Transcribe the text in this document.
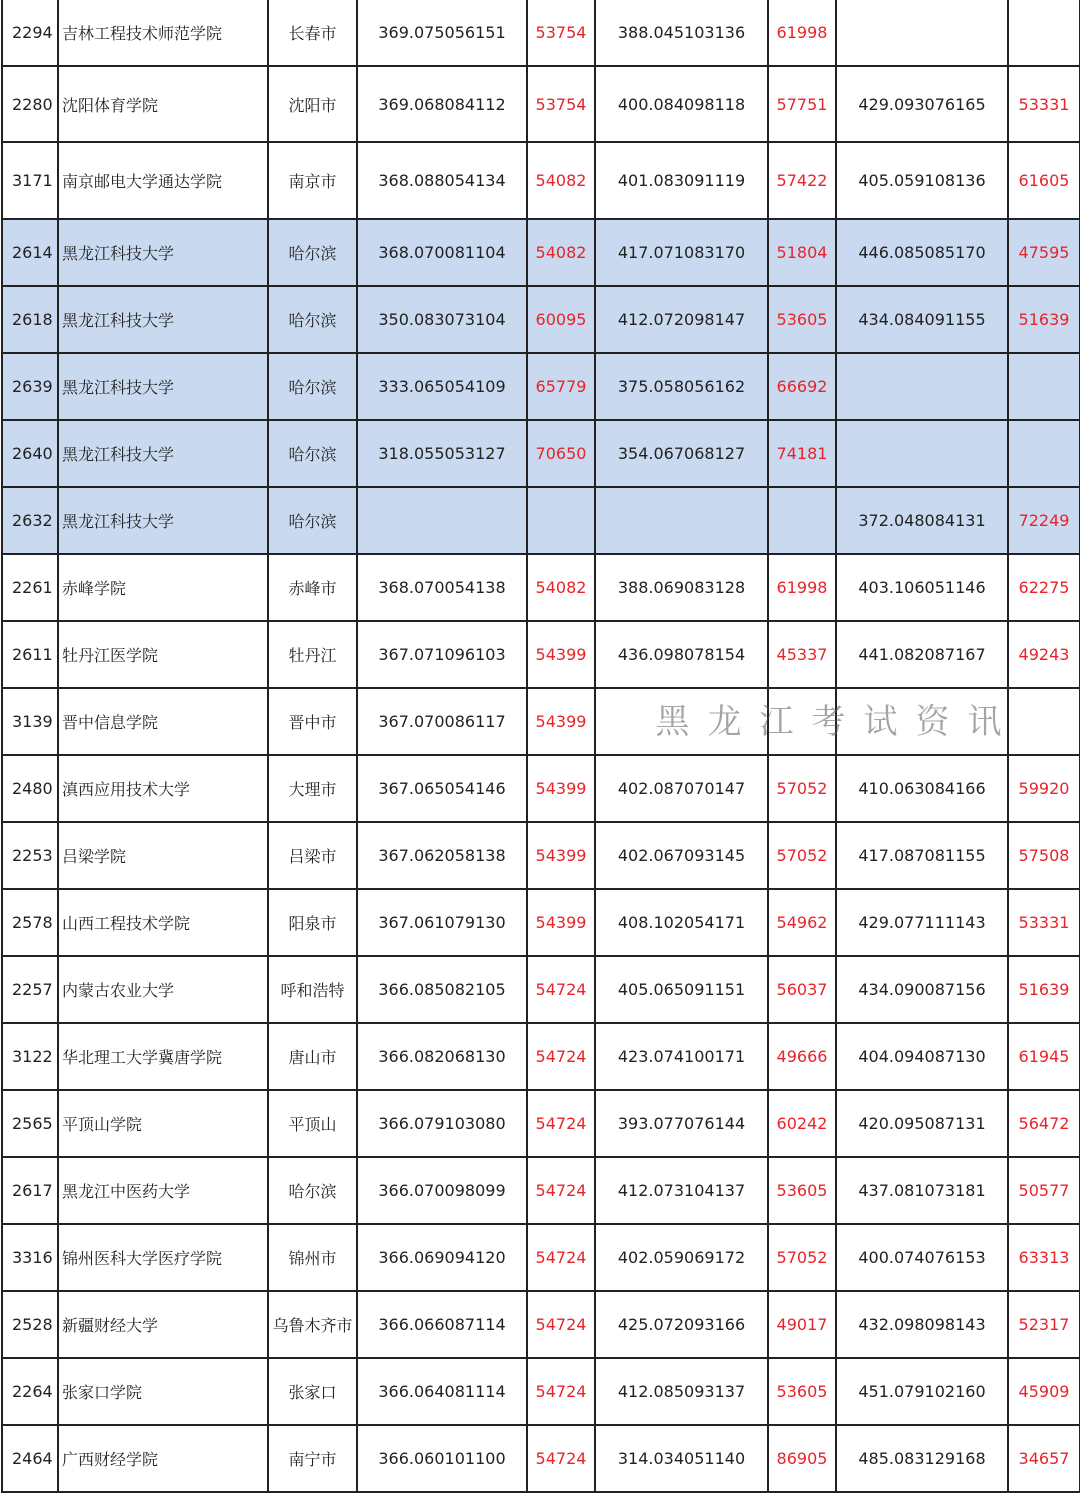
2294	吉林工程技术师范学院	长春市	369.075056151	53754	388.045103136	61998		
2280	沈阳体育学院	沈阳市	369.068084112	53754	400.084098118	57751	429.093076165	53331
3171	南京邮电大学通达学院	南京市	368.088054134	54082	401.083091119	57422	405.059108136	61605
2614	黑龙江科技大学	哈尔滨	368.070081104	54082	417.071083170	51804	446.085085170	47595
2618	黑龙江科技大学	哈尔滨	350.083073104	60095	412.072098147	53605	434.084091155	51639
2639	黑龙江科技大学	哈尔滨	333.065054109	65779	375.058056162	66692		
2640	黑龙江科技大学	哈尔滨	318.055053127	70650	354.067068127	74181		
2632	黑龙江科技大学	哈尔滨					372.048084131	72249
2261	赤峰学院	赤峰市	368.070054138	54082	388.069083128	61998	403.106051146	62275
2611	牡丹江医学院	牡丹江	367.071096103	54399	436.098078154	45337	441.082087167	49243
3139	晋中信息学院	晋中市	367.070086117	54399				
2480	滇西应用技术大学	大理市	367.065054146	54399	402.087070147	57052	410.063084166	59920
2253	吕梁学院	吕梁市	367.062058138	54399	402.067093145	57052	417.087081155	57508
2578	山西工程技术学院	阳泉市	367.061079130	54399	408.102054171	54962	429.077111143	53331
2257	内蒙古农业大学	呼和浩特	366.085082105	54724	405.065091151	56037	434.090087156	51639
3122	华北理工大学冀唐学院	唐山市	366.082068130	54724	423.074100171	49666	404.094087130	61945
2565	平顶山学院	平顶山	366.079103080	54724	393.077076144	60242	420.095087131	56472
2617	黑龙江中医药大学	哈尔滨	366.070098099	54724	412.073104137	53605	437.081073181	50577
3316	锦州医科大学医疗学院	锦州市	366.069094120	54724	402.059069172	57052	400.074076153	63313
2528	新疆财经大学	乌鲁木齐市	366.066087114	54724	425.072093166	49017	432.098098143	52317
2264	张家口学院	张家口	366.064081114	54724	412.085093137	53605	451.079102160	45909
2464	广西财经学院	南宁市	366.060101100	54724	314.034051140	86905	485.083129168	34657
黑龙江考试资讯
